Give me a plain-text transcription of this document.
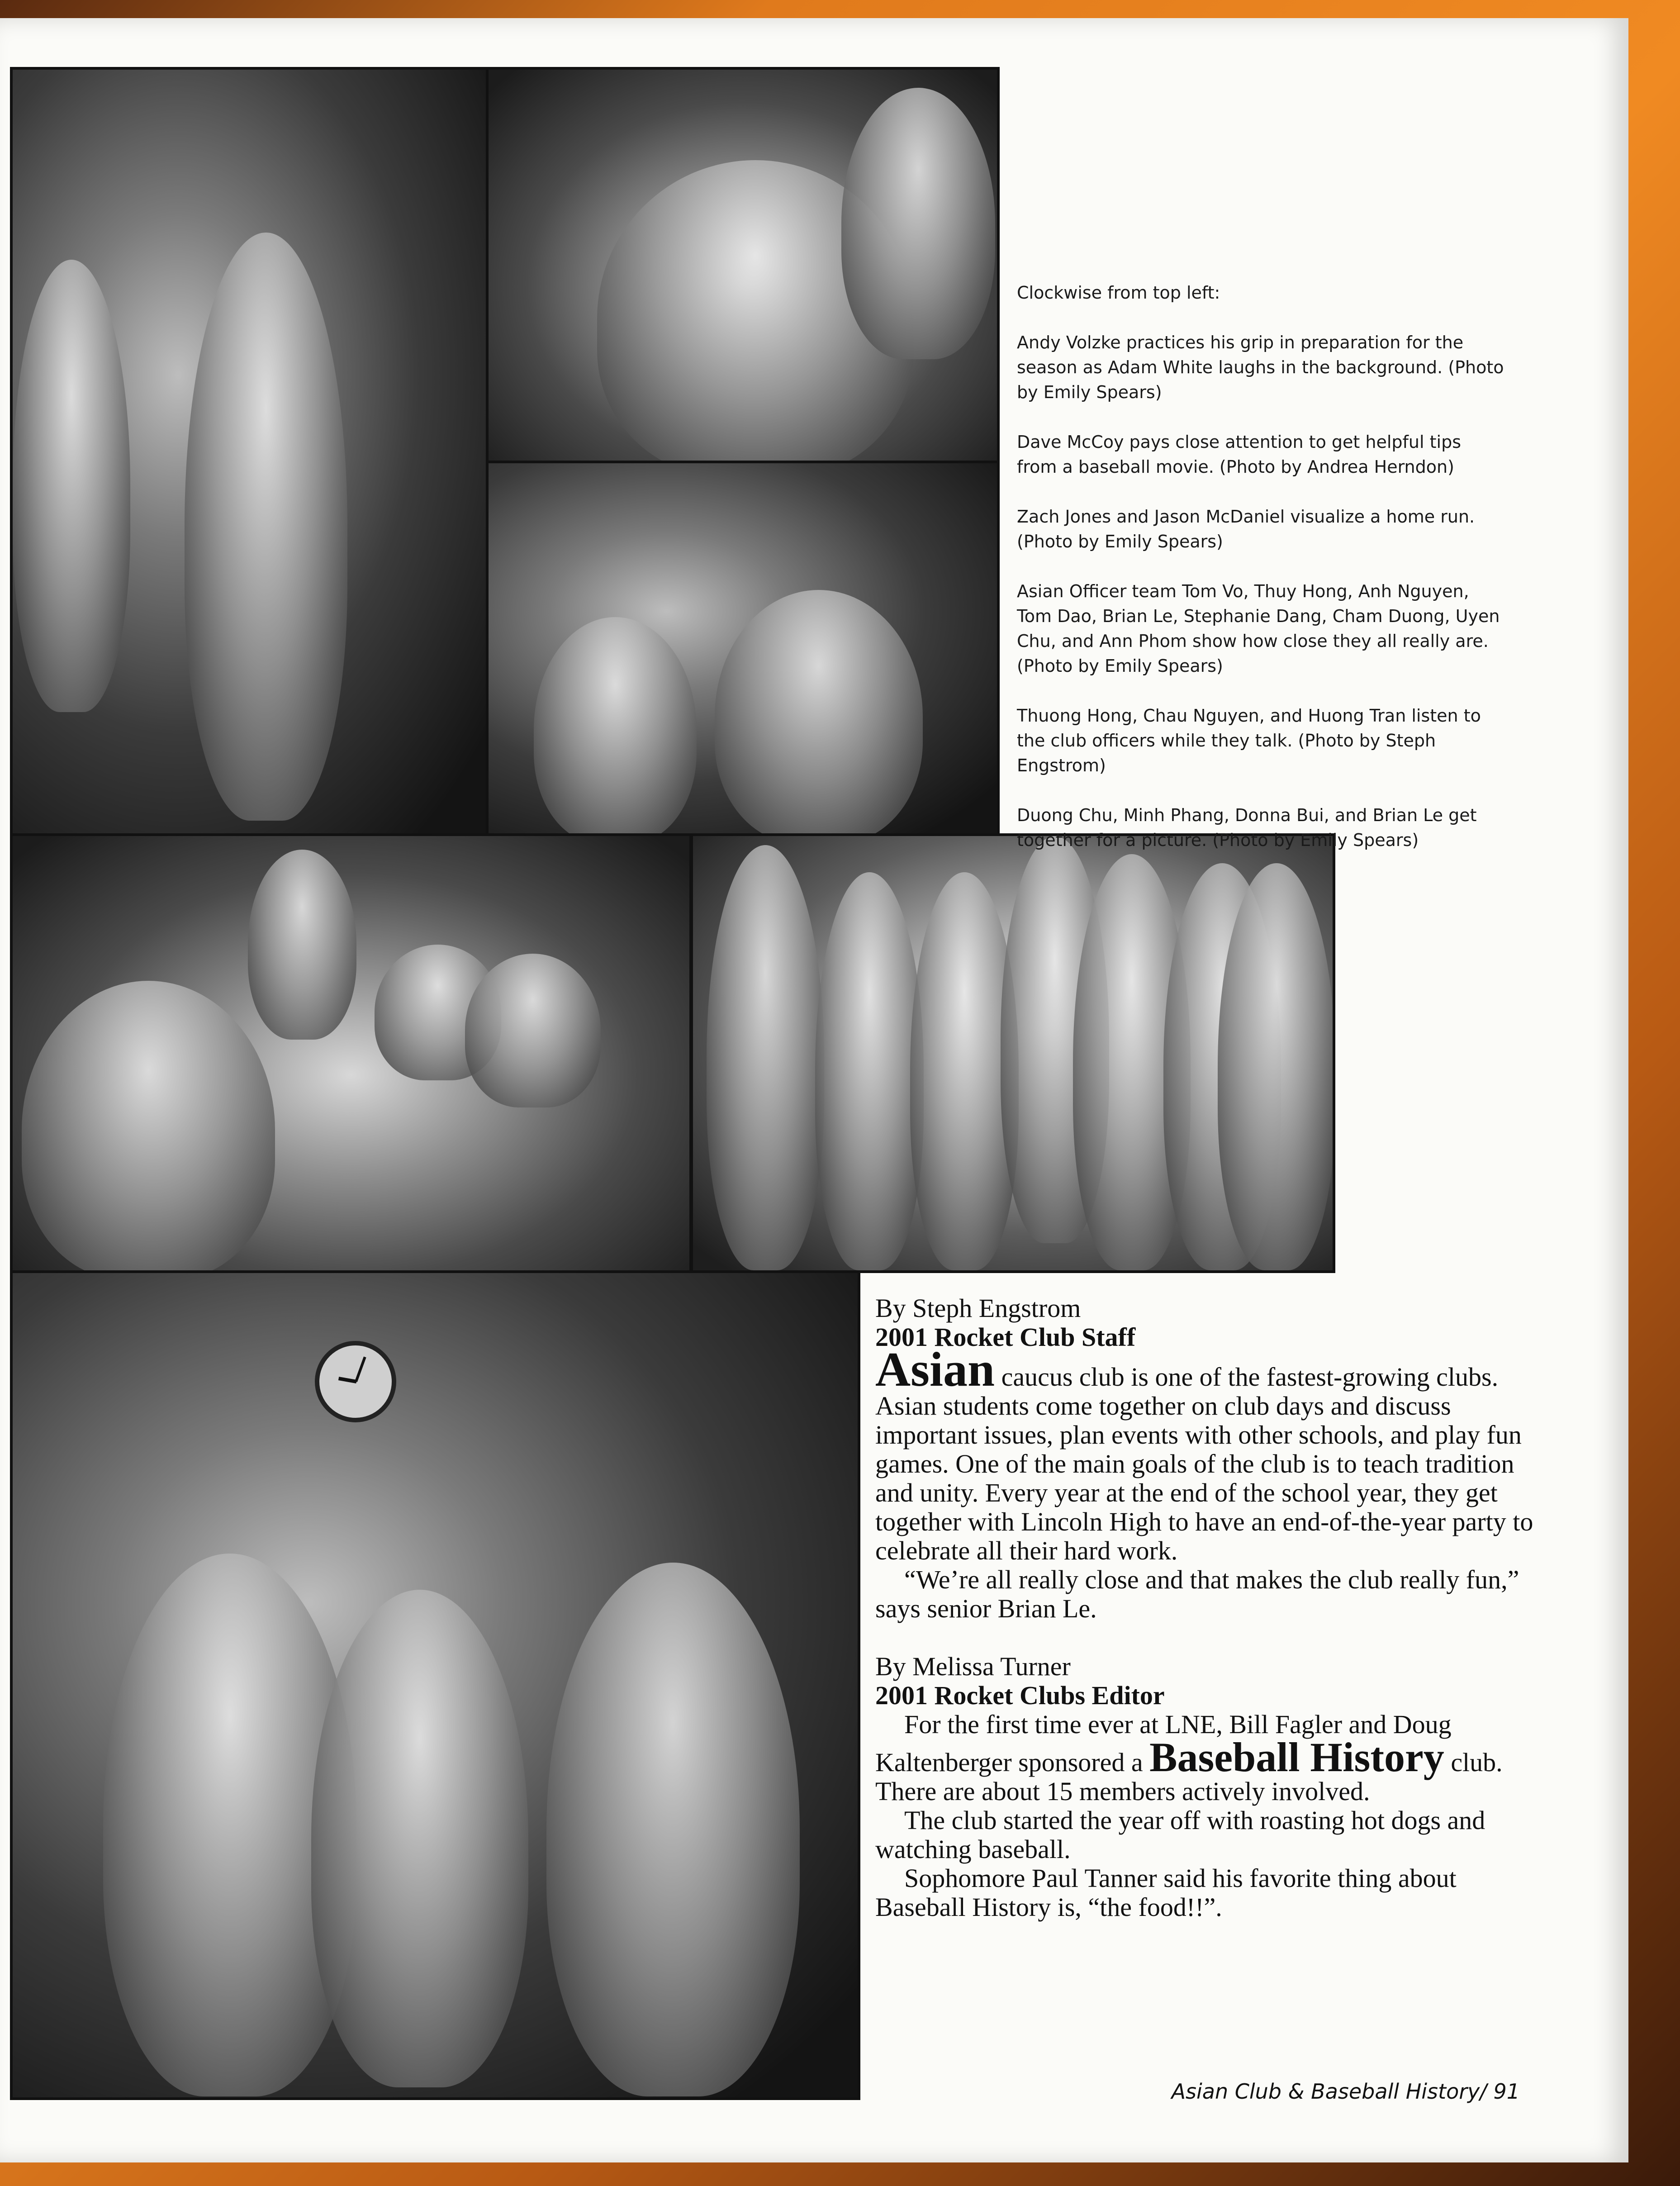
Clockwise from top left:

Andy Volzke practices his grip in preparation for the season as Adam White laughs in the background. (Photo by Emily Spears)

Dave McCoy pays close attention to get helpful tips from a baseball movie. (Photo by Andrea Herndon)

Zach Jones and Jason McDaniel visualize a home run. (Photo by Emily Spears)

Asian Officer team Tom Vo, Thuy Hong, Anh Nguyen, Tom Dao, Brian Le, Stephanie Dang, Cham Duong, Uyen Chu, and Ann Phom show how close they all really are. (Photo by Emily Spears)

Thuong Hong, Chau Nguyen, and Huong Tran listen to the club officers while they talk. (Photo by Steph Engstrom)

Duong Chu, Minh Phang, Donna Bui, and Brian Le get together for a picture. (Photo by Emily Spears)

By Steph Engstrom

2001 Rocket Club Staff

Asian caucus club is one of the fastest-growing clubs. Asian students come together on club days and discuss important issues, plan events with other schools, and play fun games. One of the main goals of the club is to teach tradition and unity. Every year at the end of the school year, they get together with Lincoln High to have an end-of-the-year party to celebrate all their hard work.

“We’re all really close and that makes the club really fun,” says senior Brian Le.

By Melissa Turner

2001 Rocket Clubs Editor

For the first time ever at LNE, Bill Fagler and Doug Kaltenberger sponsored a Baseball History club. There are about 15 members actively involved.

The club started the year off with roasting hot dogs and watching baseball.

Sophomore Paul Tanner said his favorite thing about Baseball History is, “the food!!”.

Asian Club & Baseball History/ 91
